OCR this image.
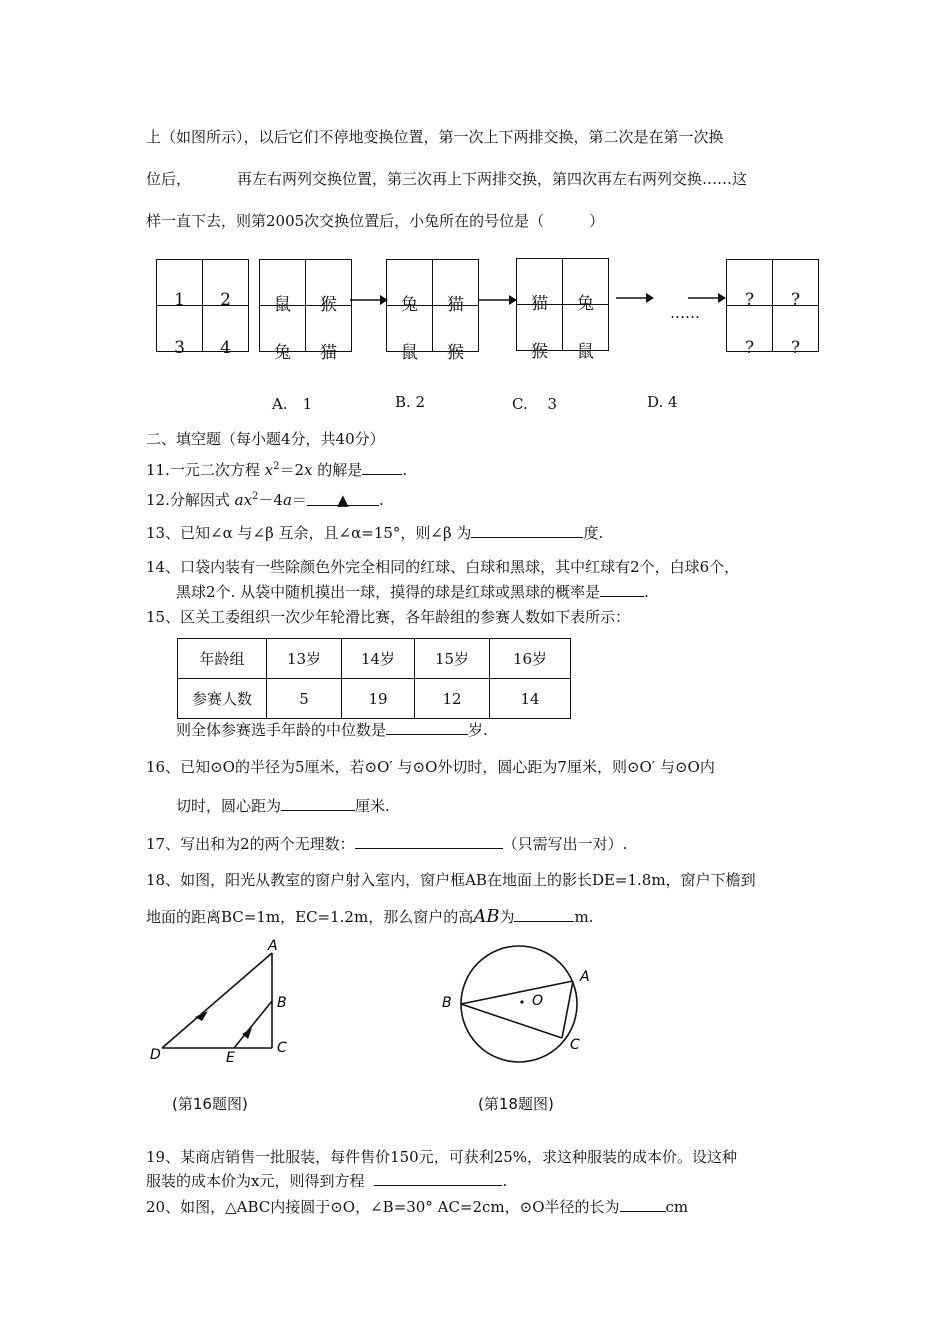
上（如图所示），以后它们不停地变换位置，第一次上下两排交换，第二次是在第一次换
位后，	再左右两列交换位置，第三次再上下两排交换，第四次再左右两列交换……这
样一直下去，则第2005次交换位置后，小兔所在的号位是（　　　）
1	2
3	4
鼠	猴
兔	猫
兔	猫
鼠	猴
猫	兔
猴	鼠
……
?	?
?	?
A.　1	B. 2	C.　 3	D. 4
二、填空题（每小题4分，共40分）
11.一元二次方程 $x^2=2x$ 的解是	.
12.分解因式 $ax^2-4a=$ ▲ .
13、已知∠α 与∠β 互余，且∠α=15°，则∠β 为	度.
14、口袋内装有一些除颜色外完全相同的红球、白球和黑球，其中红球有2个，白球6个，
黑球2个. 从袋中随机摸出一球，摸得的球是红球或黑球的概率是	.
15、区关工委组织一次少年轮滑比赛，各年龄组的参赛人数如下表所示：
年龄组	13岁	14岁	15岁	16岁
参赛人数	5	19	12	14
则全体参赛选手年龄的中位数是	岁.
16、已知⊙O的半径为5厘米，若⊙O′ 与⊙O外切时，圆心距为7厘米，则⊙O′ 与⊙O内
切时，圆心距为	厘米.
17、写出和为2的两个无理数：	（只需写出一对）.
18、如图，阳光从教室的窗户射入室内，窗户框AB在地面上的影长DE=1.8m，窗户下檐到
地面的距离BC=1m，EC=1.2m，那么窗户的高AB为	m.
A
B
C
D	E
(第16题图)
O
A
B
C
(第18题图)
19、某商店销售一批服装，每件售价150元，可获利25%，求这种服装的成本价。设这种
服装的成本价为x元，则得到方程	.
20、如图，△ABC内接圆于⊙O，∠B=30° AC=2cm，⊙O半径的长为	cm
